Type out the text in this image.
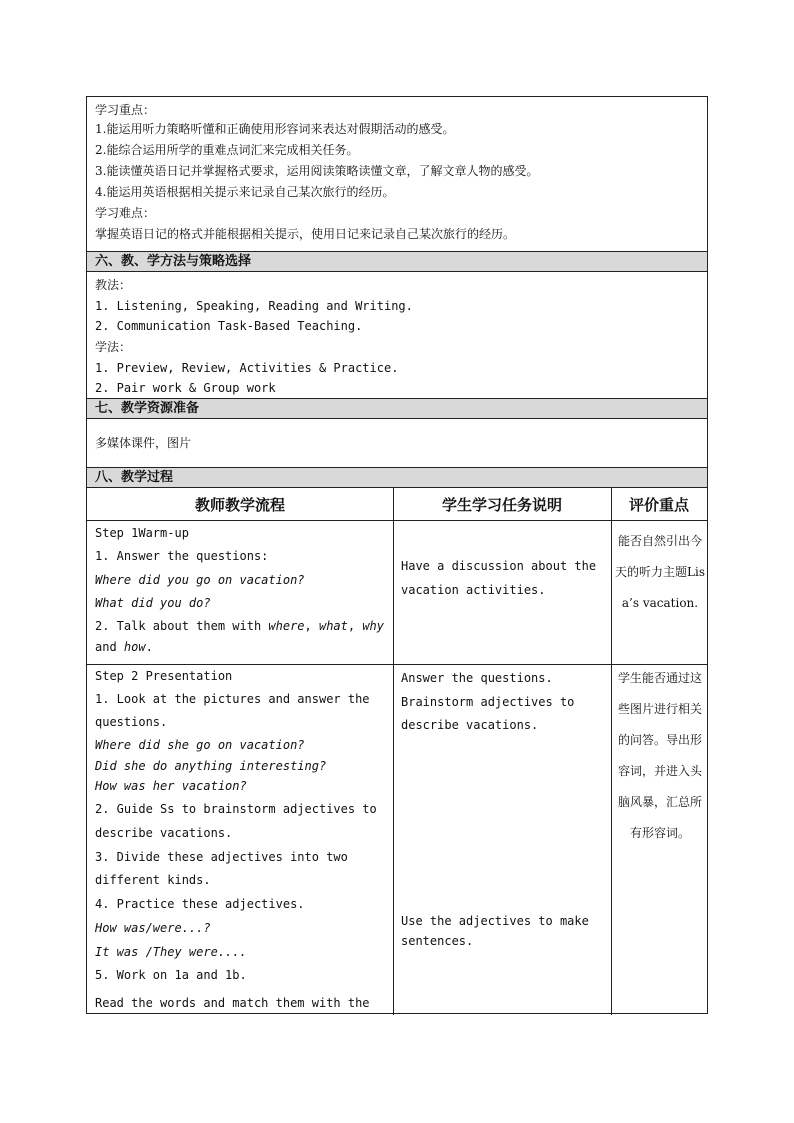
学习重点：
1.能运用听力策略听懂和正确使用形容词来表达对假期活动的感受。
2.能综合运用所学的重难点词汇来完成相关任务。
3.能读懂英语日记并掌握格式要求，运用阅读策略读懂文章，了解文章人物的感受。
4.能运用英语根据相关提示来记录自己某次旅行的经历。
学习难点：
掌握英语日记的格式并能根据相关提示，使用日记来记录自己某次旅行的经历。
六、教、学方法与策略选择
教法：
1. Listening, Speaking, Reading and Writing.
2. Communication Task-Based Teaching.
学法：
1. Preview, Review, Activities & Practice.
2. Pair work & Group work
七、教学资源准备
多媒体课件，图片
八、教学过程
教师教学流程	学生学习任务说明	评价重点
Step 1Warm-up
1. Answer the questions:
Where did you go on vacation?
What did you do?
2. Talk about them with where, what, why
and how.
Have a discussion about the
vacation activities.
能否自然引出今天的听力主题Lisa’s vacation.
Step 2 Presentation
1. Look at the pictures and answer the
questions.
Where did she go on vacation?
Did she do anything interesting?
How was her vacation?
2. Guide Ss to brainstorm adjectives to
describe vacations.
3. Divide these adjectives into two
different kinds.
4. Practice these adjectives.
How was/were...?
It was /They were....
5. Work on 1a and 1b.
Read the words and match them with the
Answer the questions.
Brainstorm adjectives to
describe vacations.
Use the adjectives to make
sentences.
学生能否通过这些图片进行相关的问答。导出形容词，并进入头脑风暴，汇总所有形容词。
